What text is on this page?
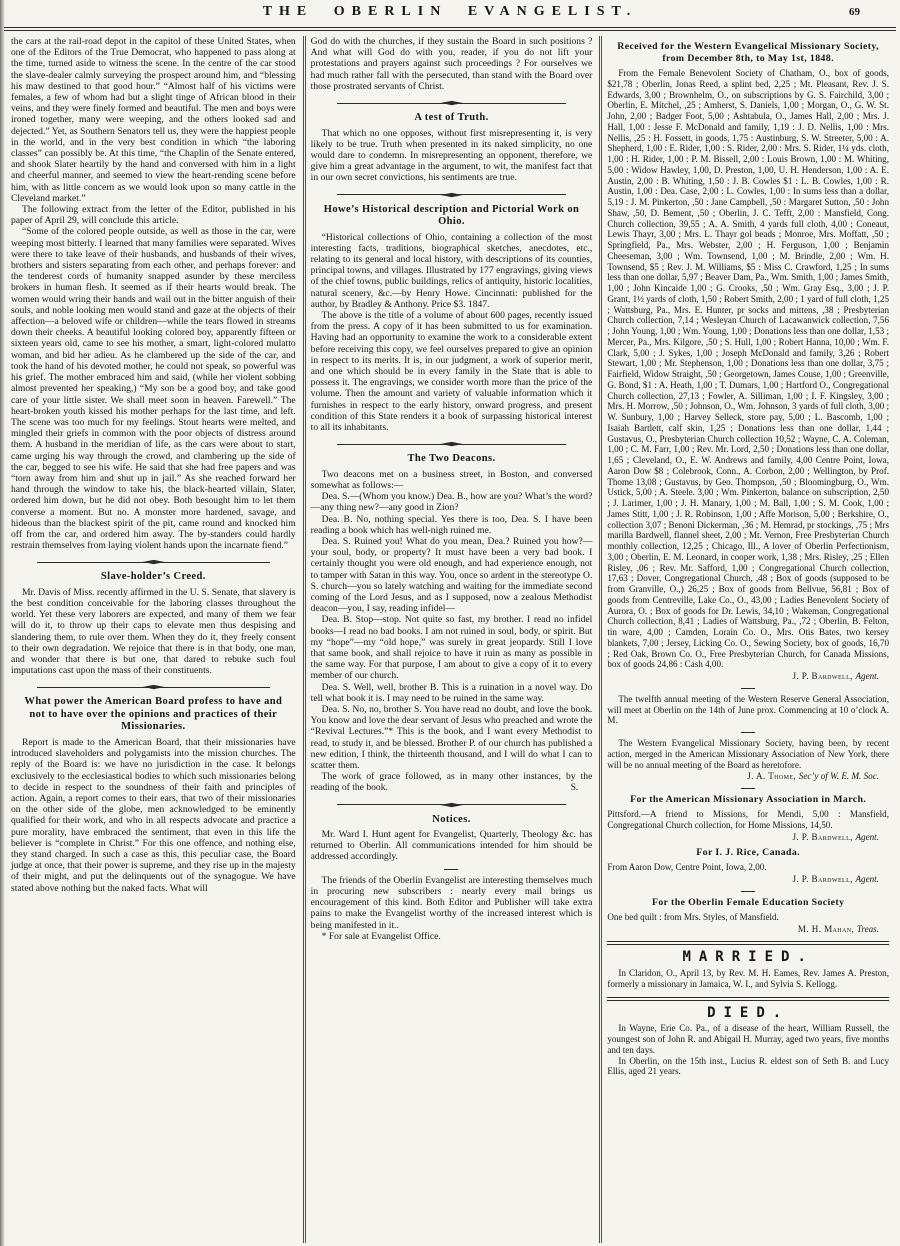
THE OBERLIN EVANGELIST.	69

the cars at the rail-road depot in the capitol of these United States, when one of the Editors of the True Democrat, who happened to pass along at the time, turned aside to witness the scene. In the centre of the car stood the slave-dealer calmly surveying the prospect around him, and “blessing his maw destined to that good hour.” “Almost half of his victims were females, a few of whom had but a slight tinge of African blood in their veins, and they were finely formed and beautiful. The men and boys were ironed together, many were weeping, and the others looked sad and dejected.” Yet, as Southern Senators tell us, they were the happiest people in the world, and in the very best condition in which “the laboring classes” can possibly be. At this time, “the Chaplin of the Senate entered, and shook Slater heartily by the hand and conversed with him in a light and cheerful manner, and seemed to view the heart-rending scene before him, with as little concern as we would look upon so many cattle in the Cleveland market.”

The following extract from the letter of the Editor, published in his paper of April 29, will conclude this article.

“Some of the colored people outside, as well as those in the car, were weeping most bitterly. I learned that many families were separated. Wives were there to take leave of their husbands, and husbands of their wives, brothers and sisters separating from each other, and perhaps forever: and the tenderest cords of humanity snapped asunder by these merciless brokers in human flesh. It seemed as if their hearts would break. The women would wring their hands and wail out in the bitter anguish of their souls, and noble looking men would stand and gaze at the objects of their affection—a beloved wife or children—while the tears flowed in streams down their cheeks. A beautiful looking colored boy, apparently fifteen or sixteen years old, came to see his mother, a smart, light-colored mulatto woman, and bid her adieu. As he clambered up the side of the car, and took the hand of his devoted mother, he could not speak, so powerful was his grief. The mother embraced him and said, (while her violent sobbing almost prevented her speaking,) “My son be a good boy, and take good care of your little sister. We shall meet soon in heaven. Farewell.” The heart-broken youth kissed his mother perhaps for the last time, and left. The scene was too much for my feelings. Stout hearts were melted, and mingled their griefs in common with the poor objects of distress around them. A husband in the meridian of life, as the cars were about to start, came urging his way through the crowd, and clambering up the side of the car, begged to see his wife. He said that she had free papers and was “torn away from him and shut up in jail.” As she reached forward her hand through the window to take his, the black-hearted villain, Slater, ordered him down, but he did not obey. Both besought him to let them converse a moment. But no. A monster more hardened, savage, and hideous than the blackest spirit of the pit, came round and knocked him off from the car, and ordered him away. The by-standers could hardly restrain themselves from laying violent hands upon the incarnate fiend.”

◆
Slave-holder’s Creed.

Mr. Davis of Miss. recently affirmed in the U. S. Senate, that slavery is the best condition conceivable for the laboring classes throughout the world. Yet these very laborers are expected, and many of them we fear will do it, to throw up their caps to elevate men thus despising and slandering them, to rule over them. When they do it, they freely consent to their own degradation. We rejoice that there is in that body, one man, and wonder that there is but one, that dared to rebuke such foul imputations cast upon the mass of their constituents.

◆
What power the American Board profess to have and not to have over the opinions and practices of their Missionaries.

Report is made to the American Board, that their missionaries have introduced slaveholders and polygamists into the mission churches. The reply of the Board is: we have no jurisdiction in the case. It belongs exclusively to the ecclesiastical bodies to which such missionaries belong to decide in respect to the soundness of their faith and principles of action. Again, a report comes to their ears, that two of their missionaries on the other side of the globe, men acknowledged to be eminently qualified for their work, and who in all respects advocate and practice a pure morality, have embraced the sentiment, that even in this life the believer is “complete in Christ.” For this one offence, and nothing else, they stand charged. In such a case as this, this peculiar case, the Board judge at once, that their power is supreme, and they rise up in the majesty of their might, and put the delinquents out of the synagogue. We have stated above nothing but the naked facts. What will

God do with the churches, if they sustain the Board in such positions ? And what will God do with you, reader, if you do not lift your protestations and prayers against such proceedings ? For ourselves we had much rather fall with the persecuted, than stand with the Board over those prostrated servants of Christ.

◆
A test of Truth.

That which no one opposes, without first misrepresenting it, is very likely to be true. Truth when presented in its naked simplicity, no one would dare to condemn. In misrepresenting an opponent, therefore, we give him a great advantage in the argument, to wit, the manifest fact that in our own secret convictions, his sentiments are true.

◆
Howe’s Historical description and Pictorial Work on Ohio.

“Historical collections of Ohio, containing a collection of the most interesting facts, traditions, biographical sketches, anecdotes, etc., relating to its general and local history, with descriptions of its counties, principal towns, and villages. Illustrated by 177 engravings, giving views of the chief towns, public buildings, relics of antiquity, historic localities, natural scenery, &c.—by Henry Howe. Cincinnati: published for the author, by Bradley & Anthony. Price $3. 1847.

The above is the title of a volume of about 600 pages, recently issued from the press. A copy of it has been submitted to us for examination. Having had an opportunity to examine the work to a considerable extent before receiving this copy, we feel ourselves prepared to give an opinion in respect to its merits. It is, in our judgment, a work of superior merit, and one which should be in every family in the State that is able to possess it. The engravings, we consider worth more than the price of the volume. Then the amount and variety of valuable information which it furnishes in respect to the early history, onward progress, and present condition of this State renders it a book of surpassing historical interest to all its inhabitants.

◆
The Two Deacons.

Two deacons met on a business street, in Boston, and conversed somewhat as follows:—

Dea. S.—(Whom you know.) Dea. B., how are you? What’s the word?—any thing new?—any good in Zion?

Dea. B. No, nothing special. Yes there is too, Dea. S. I have been reading a book which has well-nigh ruined me.

Dea. S. Ruined you! What do you mean, Dea.? Ruined you how?—your soul, body, or property? It must have been a very bad book. I certainly thought you were old enough, and had experience enough, not to tamper with Satan in this way. You, once so ardent in the stereotype O. S. church—you so lately watching and waiting for the immediate second coming of the Lord Jesus, and as I supposed, now a zealous Methodist deacon—you, I say, reading infidel—

Dea. B. Stop—stop. Not quite so fast, my brother. I read no infidel books—I read no bad books. I am not ruined in soul, body, or spirit. But my “hope”—my “old hope,” was surely in great jeopardy. Still I love that same book, and shall rejoice to have it ruin as many as possible in the same way. For that purpose, I am about to give a copy of it to every member of our church.

Dea. S. Well, well, brother B. This is a ruination in a novel way. Do tell what book it is. I may need to be ruined in the same way.

Dea. S. No, no, brother S. You have read no doubt, and love the book. You know and love the dear servant of Jesus who preached and wrote the “Revival Lectures.”* This is the book, and I want every Methodist to read, to study it, and be blessed. Brother P. of our church has published a new edition, I think, the thirteenth thousand, and I will do what I can to scatter them.

The work of grace followed, as in many other instances, by the reading of the book.	S.

◆
Notices.

Mr. Ward I. Hunt agent for Evangelist, Quarterly, Theology &c. has returned to Oberlin. All communications intended for him should be addressed accordingly.

The friends of the Oberlin Evangelist are interesting themselves much in procuring new subscribers : nearly every mail brings us encouragement of this kind. Both Editor and Publisher will take extra pains to make the Evangelist worthy of the increased interest which is being manifested in it..

* For sale at Evangelist Office.

Received for the Western Evangelical Missionary Society, from December 8th, to May 1st, 1848.

From the Female Benevolent Society of Chatham, O., box of goods, $21,78 ; Oberlin, Jonas Reed, a splint bed, 2,25 ; Mt. Pleasant, Rev. J. S. Edwards, 3,00 ; Brownhelm, O., on subscriptions by G. S. Fairchild, 3,00 ; Oberlin, E. Mitchel, ,25 ; Amherst, S. Daniels, 1,00 ; Morgan, O., G. W. St. John, 2,00 ; Badger Foot, 5,00 ; Ashtabula, O., James Hall, 2,00 ; Mrs. J. Hall, 1,00 : Jesse F. McDonald and family, 1,19 : J. D. Nellis, 1,00 : Mrs. Nellis, ,25 : H. Fossett, in goods, 1,75 : Austinburg, S. W. Streeter, 5,00 : A. Shepherd, 1,00 : E. Rider, 1,00 : S. Rider, 2,00 : Mrs. S. Rider, 1¼ yds. cloth, 1,00 : H. Rider, 1,00 : P. M. Bissell, 2,00 : Louis Brown, 1,00 : M. Whiting, 5,00 : Widow Hawley, 1,00, D. Preston, 1,00, U. H. Henderson, 1,00 : A. E. Austin, 2,00 : B. Whiting, 1,50 : J. B. Cowles $1 : L. B. Cowles, 1,00 : R. Austin, 1,00 : Dea. Case, 2,00 : L. Cowles, 1,00 : In sums less than a dollar, 5,19 : J. M. Pinkerton, ,50 : Jane Campbell, ,50 : Margaret Sutton, ,50 : John Shaw, ,50, D. Bement, ,50 ; Oberlin, J. C. Tefft, 2,00 : Mansfield, Cong. Church collection, 39,55 ; A. A. Smith, 4 yards full cloth, 4,00 ; Coneaut, Lewis Thayr, 3,00 ; Mrs. L. Thayr gol beads ; Monroe, Mrs. Moffatt, ,50 ; Springfield, Pa., Mrs. Webster, 2,00 ; H. Ferguson, 1,00 ; Benjamin Cheeseman, 3,00 ; Wm. Townsend, 1,00 ; M. Brindle, 2,00 ; Wm. H. Townsend, $5 ; Rev. J. M. Williams, $5 : Miss C. Crawford, 1,25 ; In sums less than one dollar, 5,97 ; Beaver Dam, Pa., Wm. Smith, 1,00 ; James Smith, 1,00 ; John Kincaide 1,00 ; G. Crooks, ,50 ; Wm. Gray Esq., 3,00 ; J. P. Grant, 1½ yards of cloth, 1,50 ; Robert Smith, 2,00 ; 1 yard of full cloth, 1,25 ; Wattsburg, Pa., Mrs. E. Hunter, pr socks and mittens, ,38 ; Presbyterian Church collection, 7,14 ; Wesleyan Church of Lacawanwick collection, 7,56 ; John Young, 1,00 ; Wm. Young, 1,00 ; Donations less than one dollar, 1,53 ; Mercer, Pa., Mrs. Kilgore, ,50 ; S. Hull, 1,00 ; Robert Hanna, 10,00 ; Wm. F. Clark, 5,00 ; J. Sykes, 1,00 ; Joseph McDonald and family, 3,26 ; Robert Stewart, 1,00 ; Mr. Stephenson, 1,00 ; Donations less than one dollar, 3,75 ; Fairfield, Widow Straight, ,50 ; Georgetown, James Couse, 1,00 ; Greenville, G. Bond, $1 : A. Heath, 1,00 ; T. Dumars, 1,00 ; Hartford O., Congregational Church collection, 27,13 ; Fowler, A. Silliman, 1,00 ; I. F. Kingsley, 3,00 ; Mrs. H. Morrow, ,50 ; Johnson, O., Wm. Johnson, 3 yards of full cloth, 3,00 ; W. Sunbury, 1,00 ; Harvey Selleck, store pay, 5,00 ; L. Bascomb, 1,00 ; Isaiah Bartlett, calf skin, 1,25 ; Donations less than one dollar, 1,44 ; Gustavus, O., Presbyterian Church collection 10,52 ; Wayne, C. A. Coleman, 1,00 ; C. M. Farr, 1,00 ; Rev. Mr. Lord, 2,50 ; Donations less than one dollar, 1,65 ; Cleveland, O., E. W. Andrews and family, 4,00 Centre Point, Iowa, Aaron Dow $8 ; Colebrook, Conn., A. Corbon, 2,00 ; Wellington, by Prof. Thome 13,08 ; Gustavus, by Geo. Thompson, ,50 ; Bloomingburg, O., Wm. Ustick, 5,00 ; A. Steele. 3,00 ; Wm. Pinkerton, balance on subscription, 2,50 ; J. Larimer, 1,00 ; J. H. Manary, 1,00 ; M. Ball, 1,00 ; S. M. Cook, 1,00 ; James Stitt, 1,00 ; J. R. Robinson, 1,00 ; Affe Morison, 5,00 ; Berkshire, O., collection 3,07 ; Benoni Dickerman, ,36 ; M. Hemrad, pr stockings, ,75 ; Mrs marilla Bardwell, flannel sheet, 2,00 ; Mt. Vernon, Free Presbyterian Church monthly collection, 12,25 ; Chicago, Ill., A lover of Oberlin Perfectionism, 3,00 ; Oberlin, E. M. Leonard, in cooper work, 1,38 ; Mrs. Risley, ,25 ; Ellen Risley, ,06 ; Rev. Mr. Safford, 1,00 ; Congregational Church collection, 17,63 ; Dover, Congregational Church, ,48 ; Box of goods (supposed to be from Granville, O.,) 26,25 ; Box of goods from Bellvue, 56,81 ; Box of goods from Centreville, Lake Co., O., 43,00 ; Ladies Benevolent Society of Aurora, O. ; Box of goods for Dr. Lewis, 34,10 ; Wakeman, Congregational Church collection, 8,41 ; Ladies of Wattsburg, Pa., ,72 ; Oberlin, B. Felton, tin ware, 4,00 ; Camden, Lorain Co. O., Mrs. Otis Bates, two kersey blankets, 7,00 ; Jersey, Licking Co. O., Sewing Society, box of goods, 16,70 ; Red Oak, Brown Co. O., Free Presbyterian Church, for Canada Missions, box of goods 24,86 : Cash 4,00.

J. P. Bardwell, Agent.

The twelfth annual meeting of the Western Reserve General Association, will meet at Oberlin on the 14th of June prox. Commencing at 10 o’clock A. M.

The Western Evangelical Missionary Society, having been, by recent action, merged in the American Missionary Association of New York, there will be no annual meeting of the Board as heretofore.

J. A. Thome, Sec’y of W. E. M. Soc.

For the American Missionary Association in March.

Pittsford.—A friend to Missions, for Mendi, 5,00 : Mansfield, Congregational Church collection, for Home Missions, 14,50.

J. P. Bardwell, Agent.

For I. J. Rice, Canada.

From Aaron Dow, Centre Point, Iowa, 2,00.

J. P. Bardwell, Agent.

For the Oberlin Female Education Society

One bed quilt : from Mrs. Styles, of Mansfield.

M. H. Mahan, Treas.

MARRIED.

In Claridon, O., April 13, by Rev. M. H. Eames, Rev. James A. Preston, formerly a missionary in Jamaica, W. I., and Sylvia S. Kellogg.

DIED.

In Wayne, Erie Co. Pa., of a disease of the heart, William Russell, the youngest son of John R. and Abigail H. Murray, aged two years, five months and ten days.

In Oberlin, on the 15th inst., Lucius R. eldest son of Seth B. and Lucy Ellis, aged 21 years.
